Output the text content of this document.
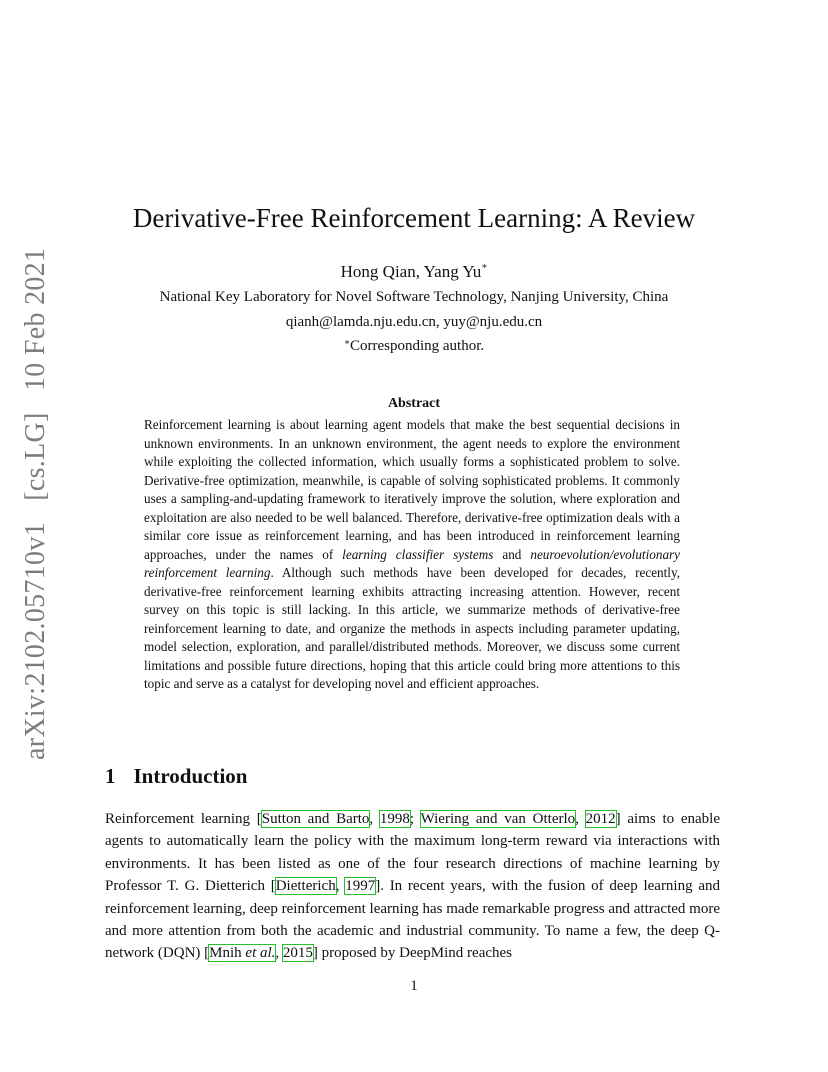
arXiv:2102.05710v1 [cs.LG] 10 Feb 2021
Derivative-Free Reinforcement Learning: A Review
Hong Qian, Yang Yu∗
National Key Laboratory for Novel Software Technology, Nanjing University, China
qianh@lamda.nju.edu.cn, yuy@nju.edu.cn
∗Corresponding author.
Abstract
Reinforcement learning is about learning agent models that make the best sequential decisions in unknown environments. In an unknown environment, the agent needs to explore the environment while exploiting the collected information, which usually forms a sophisticated problem to solve. Derivative-free optimization, meanwhile, is capable of solving sophisticated problems. It commonly uses a sampling-and-updating framework to iteratively improve the solution, where exploration and exploitation are also needed to be well balanced. Therefore, derivative-free optimization deals with a similar core issue as reinforcement learning, and has been introduced in reinforcement learning approaches, under the names of learning classifier systems and neuroevolution/evolutionary reinforcement learning. Although such methods have been developed for decades, recently, derivative-free reinforcement learning exhibits attracting increasing attention. However, recent survey on this topic is still lacking. In this article, we summarize methods of derivative-free reinforcement learning to date, and organize the methods in aspects including parameter updating, model selection, exploration, and parallel/distributed methods. Moreover, we discuss some current limitations and possible future directions, hoping that this article could bring more attentions to this topic and serve as a catalyst for developing novel and efficient approaches.
1 Introduction
Reinforcement learning [Sutton and Barto, 1998; Wiering and van Otterlo, 2012] aims to enable agents to automatically learn the policy with the maximum long-term reward via interactions with environments. It has been listed as one of the four research directions of machine learning by Professor T. G. Dietterich [Dietterich, 1997]. In recent years, with the fusion of deep learning and reinforcement learning, deep reinforcement learning has made remarkable progress and attracted more and more attention from both the academic and industrial community. To name a few, the deep Q-network (DQN) [Mnih et al., 2015] proposed by DeepMind reaches
1
